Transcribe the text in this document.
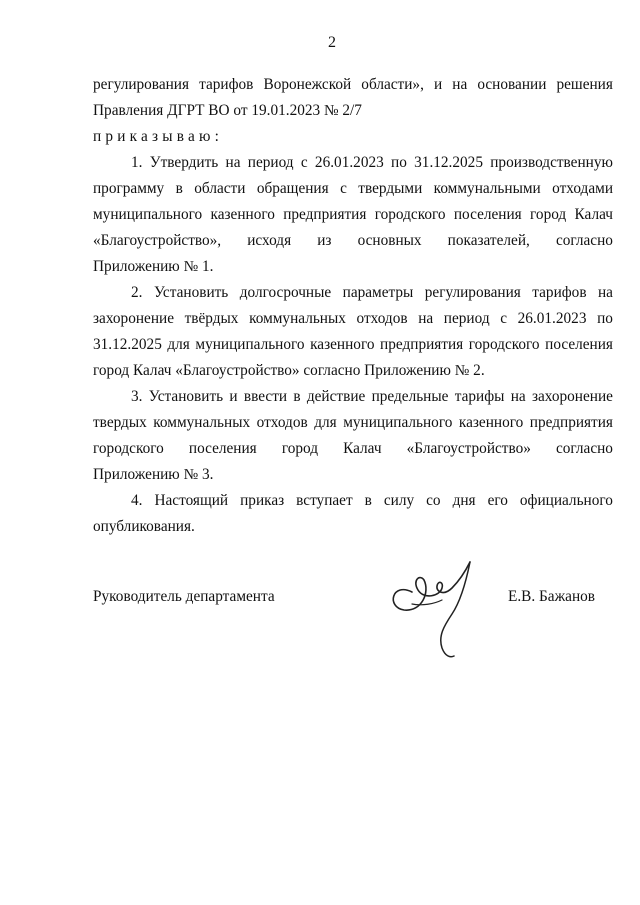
2
регулирования тарифов Воронежской области», и на основании решения
Правления ДГРТ ВО от 19.01.2023 № 2/7
приказываю:
1. Утвердить на период с 26.01.2023 по 31.12.2025 производственную
программу в области обращения с твердыми коммунальными отходами
муниципального казенного предприятия городского поселения город Калач
«Благоустройство», исходя из основных показателей, согласно
Приложению № 1.
2. Установить долгосрочные параметры регулирования тарифов на
захоронение твёрдых коммунальных отходов на период с 26.01.2023 по
31.12.2025 для муниципального казенного предприятия городского поселения
город Калач «Благоустройство» согласно Приложению № 2.
3. Установить и ввести в действие предельные тарифы на захоронение
твердых коммунальных отходов для муниципального казенного предприятия
городского поселения город Калач «Благоустройство» согласно
Приложению № 3.
4. Настоящий приказ вступает в силу со дня его официального
опубликования.
Руководитель департамента	Е.В. Бажанов
